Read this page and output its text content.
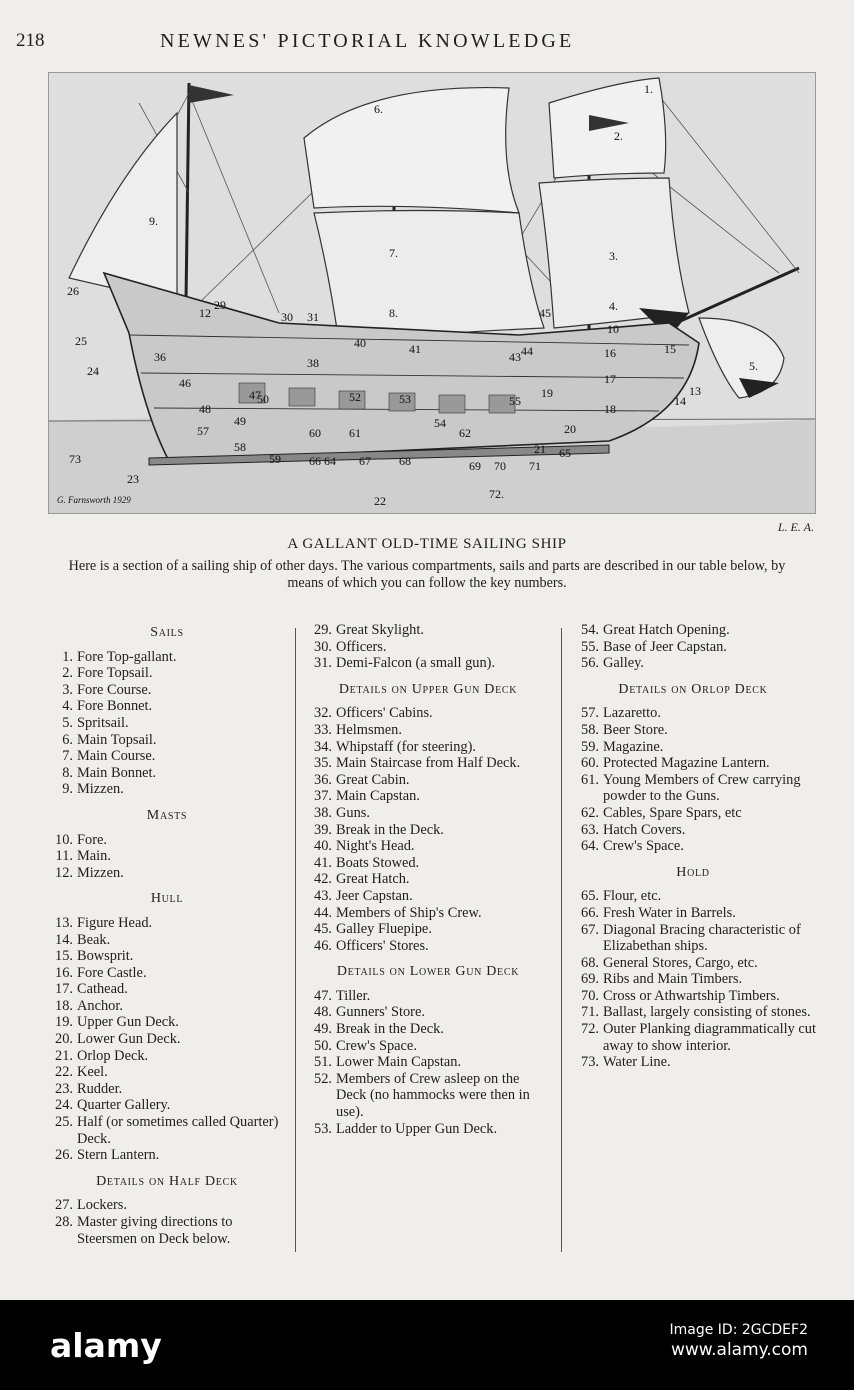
218	NEWNES' PICTORIAL KNOWLEDGE
1.
2.
3.
4.
5.
6.
7.
8.
9.
10
12
13
14
15
16
17
18
19
20
21
22
23
24
25
26
29
30 31
36	38
40	41
43 44
45
46
47
48
49
50	52	53
54
55
57
58
59
60 61	62
64
65
66	67 68	69 70 71
72.
73
G. Farnsworth 1929
L. E. A.
A GALLANT OLD-TIME SAILING SHIP
Here is a section of a sailing ship of other days. The various compartments, sails and parts are described in our table below, by means of which you can follow the key numbers.
Sails
1. Fore Top-gallant.
2. Fore Topsail.
3. Fore Course.
4. Fore Bonnet.
5. Spritsail.
6. Main Topsail.
7. Main Course.
8. Main Bonnet.
9. Mizzen.
Masts
10. Fore.
11. Main.
12. Mizzen.
Hull
13. Figure Head.
14. Beak.
15. Bowsprit.
16. Fore Castle.
17. Cathead.
18. Anchor.
19. Upper Gun Deck.
20. Lower Gun Deck.
21. Orlop Deck.
22. Keel.
23. Rudder.
24. Quarter Gallery.
25. Half (or sometimes called Quarter) Deck.
26. Stern Lantern.
Details on Half Deck
27. Lockers.
28. Master giving directions to Steersmen on Deck below.
29. Great Skylight.
30. Officers.
31. Demi-Falcon (a small gun).
Details on Upper Gun Deck
32. Officers' Cabins.
33. Helmsmen.
34. Whipstaff (for steering).
35. Main Staircase from Half Deck.
36. Great Cabin.
37. Main Capstan.
38. Guns.
39. Break in the Deck.
40. Night's Head.
41. Boats Stowed.
42. Great Hatch.
43. Jeer Capstan.
44. Members of Ship's Crew.
45. Galley Fluepipe.
46. Officers' Stores.
Details on Lower Gun Deck
47. Tiller.
48. Gunners' Store.
49. Break in the Deck.
50. Crew's Space.
51. Lower Main Capstan.
52. Members of Crew asleep on the Deck (no hammocks were then in use).
53. Ladder to Upper Gun Deck.
54. Great Hatch Opening.
55. Base of Jeer Capstan.
56. Galley.
Details on Orlop Deck
57. Lazaretto.
58. Beer Store.
59. Magazine.
60. Protected Magazine Lantern.
61. Young Members of Crew carrying powder to the Guns.
62. Cables, Spare Spars, etc
63. Hatch Covers.
64. Crew's Space.
Hold
65. Flour, etc.
66. Fresh Water in Barrels.
67. Diagonal Bracing characteristic of Elizabethan ships.
68. General Stores, Cargo, etc.
69. Ribs and Main Timbers.
70. Cross or Athwartship Timbers.
71. Ballast, largely consisting of stones.
72. Outer Planking diagrammatically cut away to show interior.
73. Water Line.
alamy	Image ID: 2GCDEF2
www.alamy.com
